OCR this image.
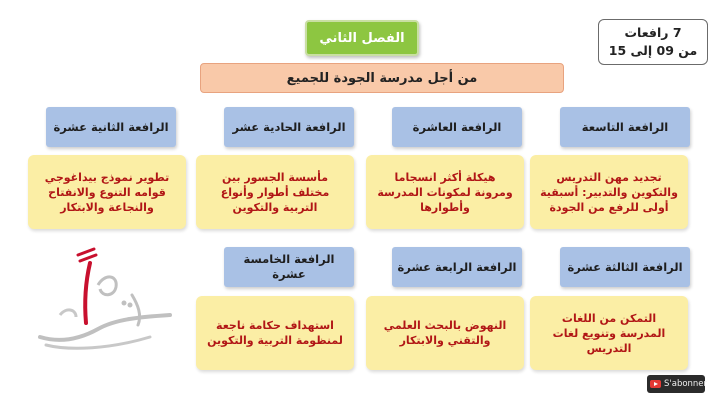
الفصل الثاني	7 رافعات
من 09 إلى 15
من أجل مدرسة الجودة للجميع
الرافعة التاسعة
الرافعة العاشرة
الرافعة الحادية عشر
الرافعة الثانية عشرة
تجديد مهن التدريس والتكوين والتدبير: أسبقية أولى للرفع من الجودة
هيكلة أكثر انسجاما ومرونة لمكونات المدرسة وأطوارها
مأسسة الجسور بين مختلف أطوار وأنواع التربية والتكوين
تطوير نموذج بيداغوجي قوامه التنوع والانفتاح والنجاعة والابتكار
الرافعة الثالثة عشرة
الرافعة الرابعة عشرة
الرافعة الخامسة عشرة
التمكن من اللغات المدرسة وتنويع لغات التدريس
النهوض بالبحث العلمي والتقني والابتكار
استهداف حكامة ناجعة لمنظومة التربية والتكوين
S'abonner
